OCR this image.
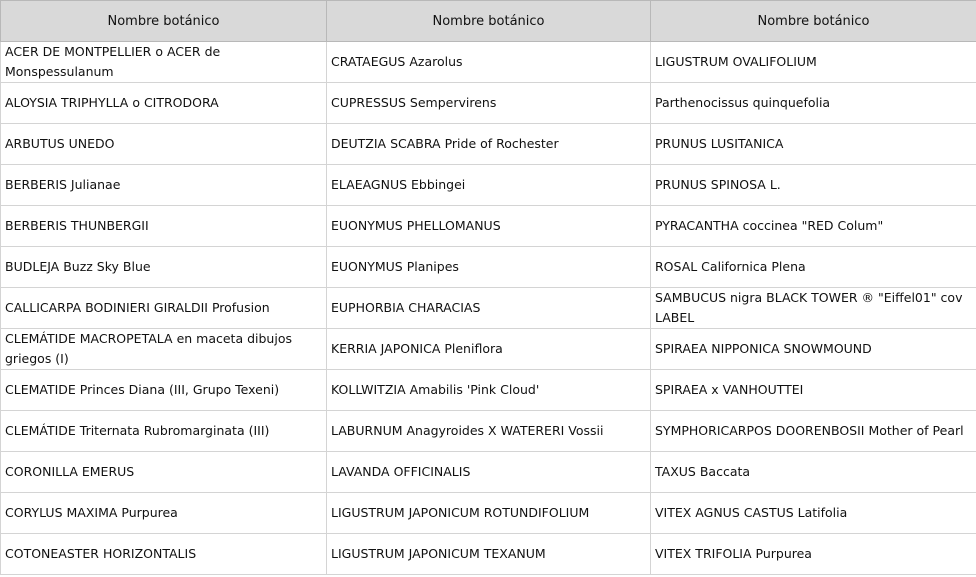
Nombre botánico	Nombre botánico	Nombre botánico
ACER DE MONTPELLIER o ACER de Monspessulanum	CRATAEGUS Azarolus	LIGUSTRUM OVALIFOLIUM
ALOYSIA TRIPHYLLA o CITRODORA	CUPRESSUS Sempervirens	Parthenocissus quinquefolia
ARBUTUS UNEDO	DEUTZIA SCABRA Pride of Rochester	PRUNUS LUSITANICA
BERBERIS Julianae	ELAEAGNUS Ebbingei	PRUNUS SPINOSA L.
BERBERIS THUNBERGII	EUONYMUS PHELLOMANUS	PYRACANTHA coccinea "RED Colum"
BUDLEJA Buzz Sky Blue	EUONYMUS Planipes	ROSAL Californica Plena
CALLICARPA BODINIERI GIRALDII Profusion	EUPHORBIA CHARACIAS	SAMBUCUS nigra BLACK TOWER ® "Eiffel01" cov LABEL
CLEMÁTIDE MACROPETALA en maceta dibujos griegos (I)	KERRIA JAPONICA Pleniflora	SPIRAEA NIPPONICA SNOWMOUND
CLEMATIDE Princes Diana (III, Grupo Texeni)	KOLLWITZIA Amabilis 'Pink Cloud'	SPIRAEA x VANHOUTTEI
CLEMÁTIDE Triternata Rubromarginata (III)	LABURNUM Anagyroides X WATERERI Vossii	SYMPHORICARPOS DOORENBOSII Mother of Pearl
CORONILLA EMERUS	LAVANDA OFFICINALIS	TAXUS Baccata
CORYLUS MAXIMA Purpurea	LIGUSTRUM JAPONICUM ROTUNDIFOLIUM	VITEX AGNUS CASTUS Latifolia
COTONEASTER HORIZONTALIS	LIGUSTRUM JAPONICUM TEXANUM	VITEX TRIFOLIA Purpurea
